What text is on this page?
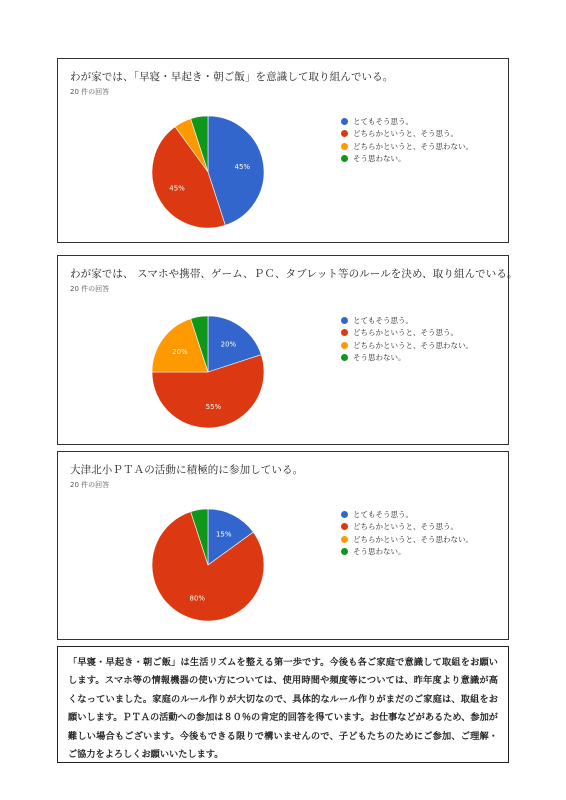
わが家では、「早寝・早起き・朝ご飯」を意識して取り組んでいる。
20 件の回答
45%
45%
とてもそう思う。
どちらかというと、そう思う。
どちらかというと、そう思わない。
そう思わない。
わが家では、 スマホや携帯、ゲーム、ＰＣ、タブレット等のルールを決め、取り組んでいる。
20 件の回答
20%
55%
20%
とてもそう思う。
どちらかというと、そう思う。
どちらかというと、そう思わない。
そう思わない。
大津北小ＰＴＡの活動に積極的に参加している。
20 件の回答
15%
80%
とてもそう思う。
どちらかというと、そう思う。
どちらかというと、そう思わない。
そう思わない。
「早寝・早起き・朝ご飯」は生活リズムを整える第一歩です。今後も各ご家庭で意識して取組をお願いします。スマホ等の情報機器の使い方については、使用時間や頻度等については、昨年度より意識が高くなっていました。家庭のルール作りが大切なので、具体的なルール作りがまだのご家庭は、取組をお願いします。ＰＴＡの活動への参加は８０％の肯定的回答を得ています。お仕事などがあるため、参加が難しい場合もございます。今後もできる限りで構いませんので、子どもたちのためにご参加、ご理解・ご協力をよろしくお願いいたします。
